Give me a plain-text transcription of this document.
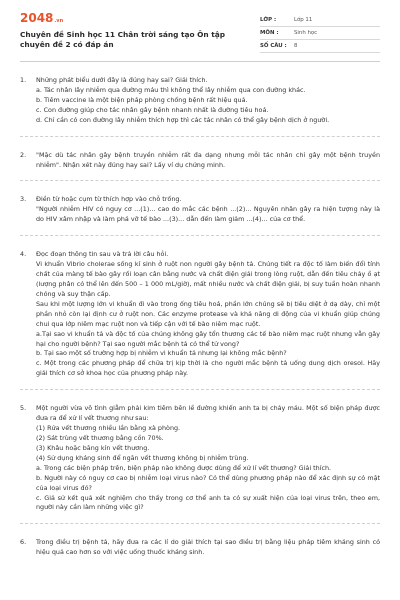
2048.vn
Chuyên đề Sinh học 11 Chân trời sáng tạo Ôn tập chuyên đề 2 có đáp án
LỚP :	Lớp 11
MÔN :	Sinh học
SỐ CÂU :	8
1.	Những phát biểu dưới đây là đúng hay sai? Giải thích.
a. Tác nhân lây nhiễm qua đường máu thì không thể lây nhiễm qua con đường khác.
b. Tiêm vaccine là một biện pháp phòng chống bệnh rất hiệu quả.
c. Con đường giúp cho tác nhân gây bệnh nhanh nhất là đường tiêu hoá.
d. Chỉ cần có con đường lây nhiễm thích hợp thì các tác nhân có thể gây bệnh dịch ở người.
2.	"Mặc dù tác nhân gây bệnh truyền nhiễm rất đa dạng nhưng mỗi tác nhân chỉ gây một bệnh truyền nhiễm". Nhận xét này đúng hay sai? Lấy ví dụ chứng minh.
3.	Điền từ hoặc cụm từ thích hợp vào chỗ trống.
"Người nhiễm HIV có nguy cơ ...(1)... cao do mắc các bệnh ...(2)... Nguyên nhân gây ra hiện tượng này là do HIV xâm nhập và làm phá vỡ tế bào ...(3)... dẫn đến làm giảm ...(4)... của cơ thể.
4.	Đọc đoạn thông tin sau và trả lời câu hỏi.
Vi khuẩn Vibrio cholerae sống kí sinh ở ruột non người gây bệnh tả. Chúng tiết ra độc tố làm biến đổi tính chất của màng tế bào gây rối loạn cân bằng nước và chất điện giải trong lòng ruột, dẫn đến tiêu chảy ồ ạt (lượng phân có thể lên đến 500 – 1 000 mL/giờ), mất nhiều nước và chất điện giải, bị suy tuần hoàn nhanh chóng và suy thận cấp.
Sau khi một lượng lớn vi khuẩn đi vào trong ống tiêu hoá, phần lớn chúng sẽ bị tiêu diệt ở dạ dày, chỉ một phần nhỏ còn lại định cư ở ruột non. Các enzyme protease và khả năng di động của vi khuẩn giúp chúng chui qua lớp niêm mạc ruột non và tiếp cận với tế bào niêm mạc ruột.
a.Tại sao vi khuẩn tả và độc tố của chúng không gây tổn thương các tế bào niêm mạc ruột nhưng vẫn gây hại cho người bệnh? Tại sao người mắc bệnh tả có thể tử vong?
b. Tại sao một số trường hợp bị nhiễm vi khuẩn tả nhưng lại không mắc bệnh?
c. Một trong các phương pháp để chữa trị kịp thời là cho người mắc bệnh tả uống dung dịch oresol. Hãy giải thích cơ sở khoa học của phương pháp này.
5.	Một người vừa vô tình giẫm phải kim tiêm bên lề đường khiến anh ta bị chảy máu. Một số biện pháp được đưa ra để xử lí vết thương như sau:
(1) Rửa vết thương nhiều lần bằng xà phòng.
(2) Sát trùng vết thương bằng cồn 70%.
(3) Khâu hoặc băng kín vết thương.
(4) Sử dụng kháng sinh để ngăn vết thương không bị nhiễm trùng.
a. Trong các biện pháp trên, biện pháp nào không được dùng để xử lí vết thương? Giải thích.
b. Người này có nguy cơ cao bị nhiễm loại virus nào? Có thể dùng phương pháp nào để xác định sự có mặt của loại virus đó?
c. Giả sử kết quả xét nghiệm cho thấy trong cơ thể anh ta có sự xuất hiện của loại virus trên, theo em, người này cần làm những việc gì?
6.	Trong điều trị bệnh tả, hãy đưa ra các lí do giải thích tại sao điều trị bằng liệu pháp tiêm kháng sinh có hiệu quả cao hơn so với việc uống thuốc kháng sinh.
